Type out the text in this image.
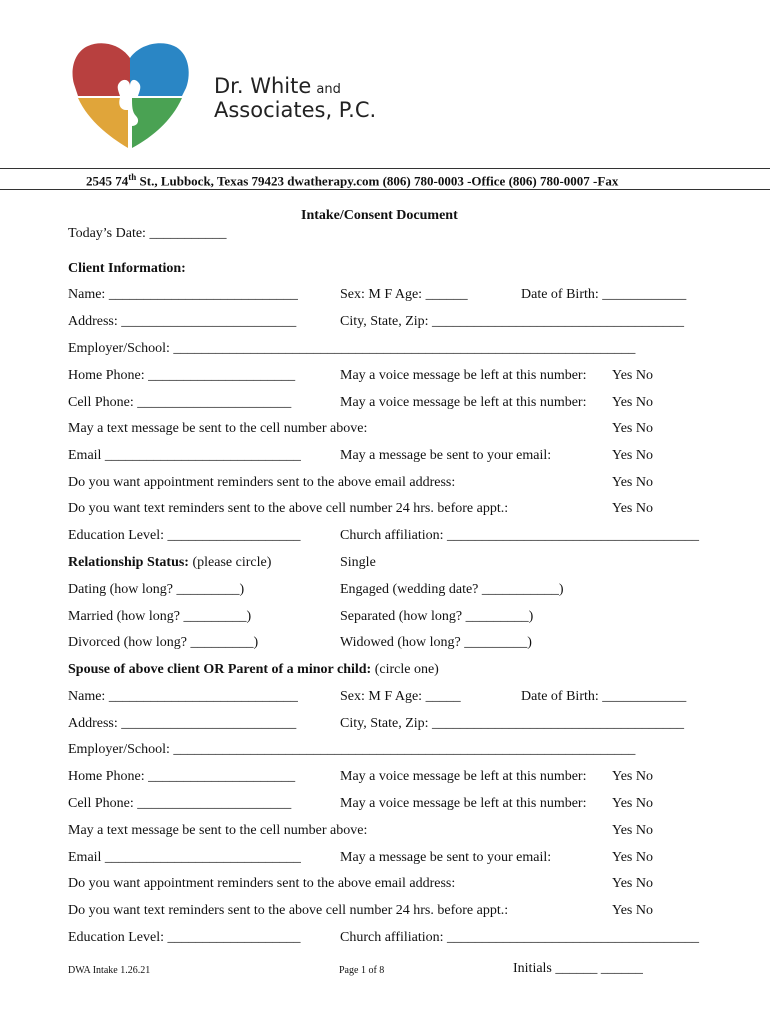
Dr. White and
Associates, P.C.
2545 74th St., Lubbock, Texas 79423 dwatherapy.com (806) 780-0003 -Office (806) 780-0007 -Fax
Intake/Consent Document
Today’s Date: ___________
Client Information:
Name: ___________________________	Sex: M F Age: ______	Date of Birth: ____________
Address: _________________________	City, State, Zip: ____________________________________
Employer/School: __________________________________________________________________
Home Phone: _____________________	May a voice message be left at this number: Yes No
Cell Phone: ______________________	May a voice message be left at this number: Yes No
May a text message be sent to the cell number above:	Yes No
Email ____________________________	May a message be sent to your email:	Yes No
Do you want appointment reminders sent to the above email address:	Yes No
Do you want text reminders sent to the above cell number 24 hrs. before appt.:	Yes No
Education Level: ___________________	Church affiliation: ____________________________________
Relationship Status: (please circle)	Single
Dating (how long? _________)	Engaged (wedding date? ___________)
Married (how long? _________)	Separated (how long? _________)
Divorced (how long? _________)	Widowed (how long? _________)
Spouse of above client OR Parent of a minor child: (circle one)
Name: ___________________________	Sex: M F Age: _____	Date of Birth: ____________
Address: _________________________	City, State, Zip: ____________________________________
Employer/School: __________________________________________________________________
Home Phone: _____________________	May a voice message be left at this number: Yes No
Cell Phone: ______________________	May a voice message be left at this number: Yes No
May a text message be sent to the cell number above:	Yes No
Email ____________________________	May a message be sent to your email:	Yes No
Do you want appointment reminders sent to the above email address:	Yes No
Do you want text reminders sent to the above cell number 24 hrs. before appt.:	Yes No
Education Level: ___________________	Church affiliation: ____________________________________
DWA Intake 1.26.21	Page 1 of 8	Initials ______ ______
